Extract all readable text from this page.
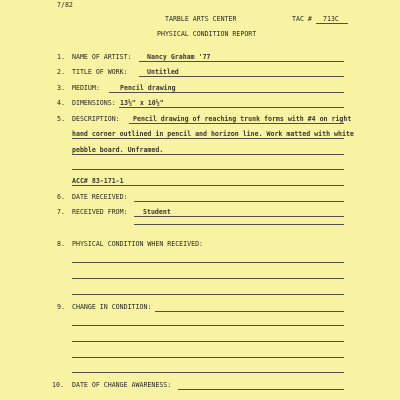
7/82
TARBLE ARTS CENTER	TAC # 713C
PHYSICAL CONDITION REPORT
1. NAME OF ARTIST: Nancy Graham '77
2. TITLE OF WORK:	Untitled
3. MEDIUM:	Pencil drawing
4. DIMENSIONS: 13½" x 10½"
5. DESCRIPTION: Pencil drawing of reaching trunk forms with #4 on right
hand corner outlined in pencil and horizon line. Work matted with white
pebble board. Unframed.
ACC# 83-171-1
6. DATE RECEIVED:
7. RECEIVED FROM: Student
8. PHYSICAL CONDITION WHEN RECEIVED:
9. CHANGE IN CONDITION:
10. DATE OF CHANGE AWARENESS:
